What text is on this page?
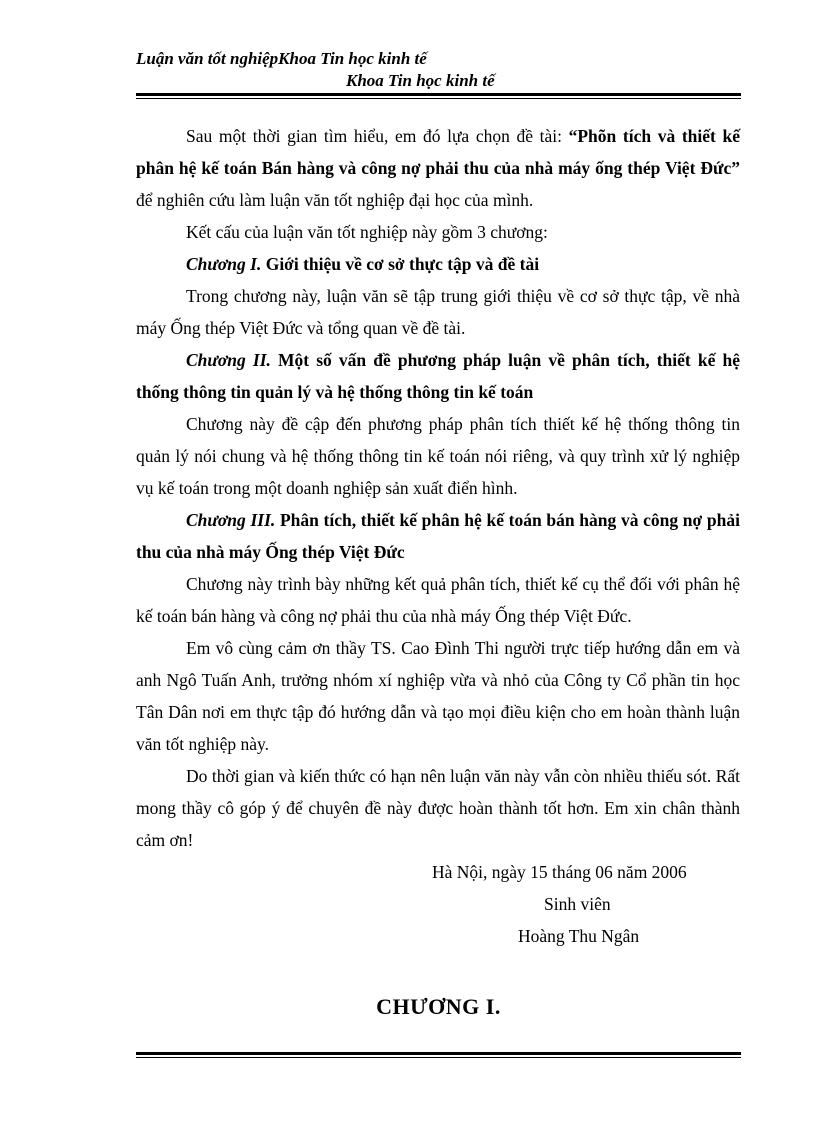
Luận văn tốt nghiệpKhoa Tin học kinh tế
Khoa Tin học kinh tế

Sau một thời gian tìm hiểu, em đó lựa chọn đề tài: “Phõn tích và thiết kế phân hệ kế toán Bán hàng và công nợ phải thu của nhà máy ống thép Việt Đức” để nghiên cứu làm luận văn tốt nghiệp đại học của mình.

Kết cấu của luận văn tốt nghiệp này gồm 3 chương:

Chương I. Giới thiệu về cơ sở thực tập và đề tài

Trong chương này, luận văn sẽ tập trung giới thiệu về cơ sở thực tập, về nhà máy Ống thép Việt Đức và tổng quan về đề tài.

Chương II. Một số vấn đề phương pháp luận về phân tích, thiết kế hệ thống thông tin quản lý và hệ thống thông tin kế toán

Chương này đề cập đến phương pháp phân tích thiết kế hệ thống thông tin quản lý nói chung và hệ thống thông tin kế toán nói riêng, và quy trình xử lý nghiệp vụ kế toán trong một doanh nghiệp sản xuất điển hình.

Chương III. Phân tích, thiết kế phân hệ kế toán bán hàng và công nợ phải thu của nhà máy Ống thép Việt Đức

Chương này trình bày những kết quả phân tích, thiết kế cụ thể đối với phân hệ kế toán bán hàng và công nợ phải thu của nhà máy Ống thép Việt Đức.

Em vô cùng cảm ơn thầy TS. Cao Đình Thi người trực tiếp hướng dẫn em và anh Ngô Tuấn Anh, trưởng nhóm xí nghiệp vừa và nhỏ của Công ty Cổ phần tin học Tân Dân nơi em thực tập đó hướng dẫn và tạo mọi điều kiện cho em hoàn thành luận văn tốt nghiệp này.

Do thời gian và kiến thức có hạn nên luận văn này vẫn còn nhiều thiếu sót. Rất mong thầy cô góp ý để chuyên đề này được hoàn thành tốt hơn. Em xin chân thành cảm ơn!

Hà Nội, ngày 15 tháng 06 năm 2006
Sinh viên
Hoàng Thu Ngân
CHƯƠNG I.
